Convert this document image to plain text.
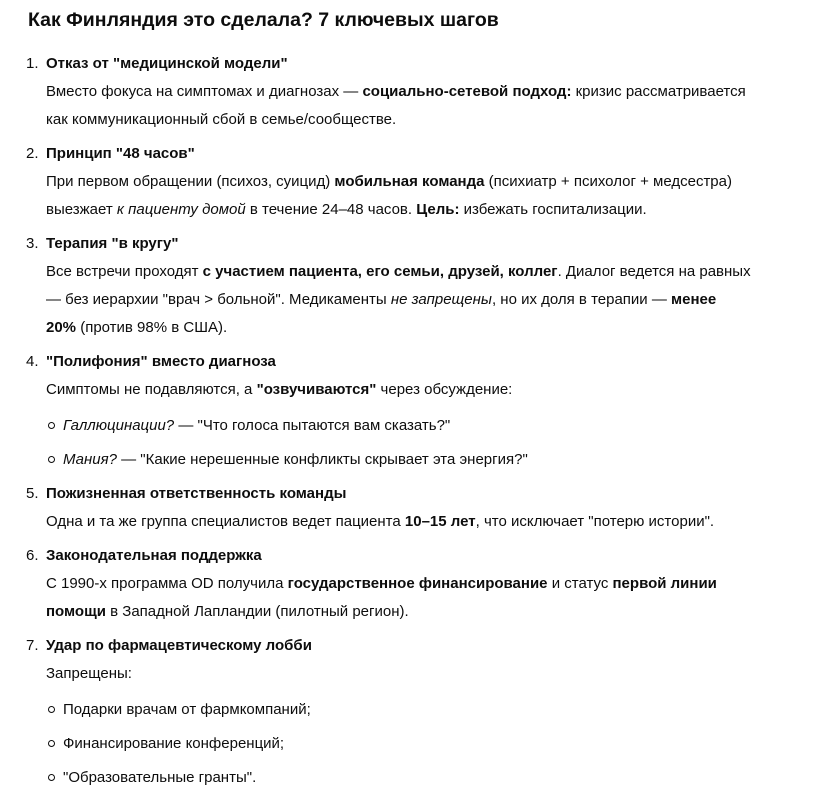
Как Финляндия это сделала? 7 ключевых шагов
1. Отказ от "медицинской модели"
Вместо фокуса на симптомах и диагнозах — социально-сетевой подход: кризис рассматривается
как коммуникационный сбой в семье/сообществе.
2. Принцип "48 часов"
При первом обращении (психоз, суицид) мобильная команда (психиатр + психолог + медсестра)
выезжает к пациенту домой в течение 24–48 часов. Цель: избежать госпитализации.
3. Терапия "в кругу"
Все встречи проходят с участием пациента, его семьи, друзей, коллег. Диалог ведется на равных
— без иерархии "врач > больной". Медикаменты не запрещены, но их доля в терапии — менее
20% (против 98% в США).
4. "Полифония" вместо диагноза
Симптомы не подавляются, а "озвучиваются" через обсуждение:
Галлюцинации? — "Что голоса пытаются вам сказать?"
Мания? — "Какие нерешенные конфликты скрывает эта энергия?"
5. Пожизненная ответственность команды
Одна и та же группа специалистов ведет пациента 10–15 лет, что исключает "потерю истории".
6. Законодательная поддержка
С 1990-х программа OD получила государственное финансирование и статус первой линии
помощи в Западной Лапландии (пилотный регион).
7. Удар по фармацевтическому лобби
Запрещены:
Подарки врачам от фармкомпаний;
Финансирование конференций;
"Образовательные гранты".
